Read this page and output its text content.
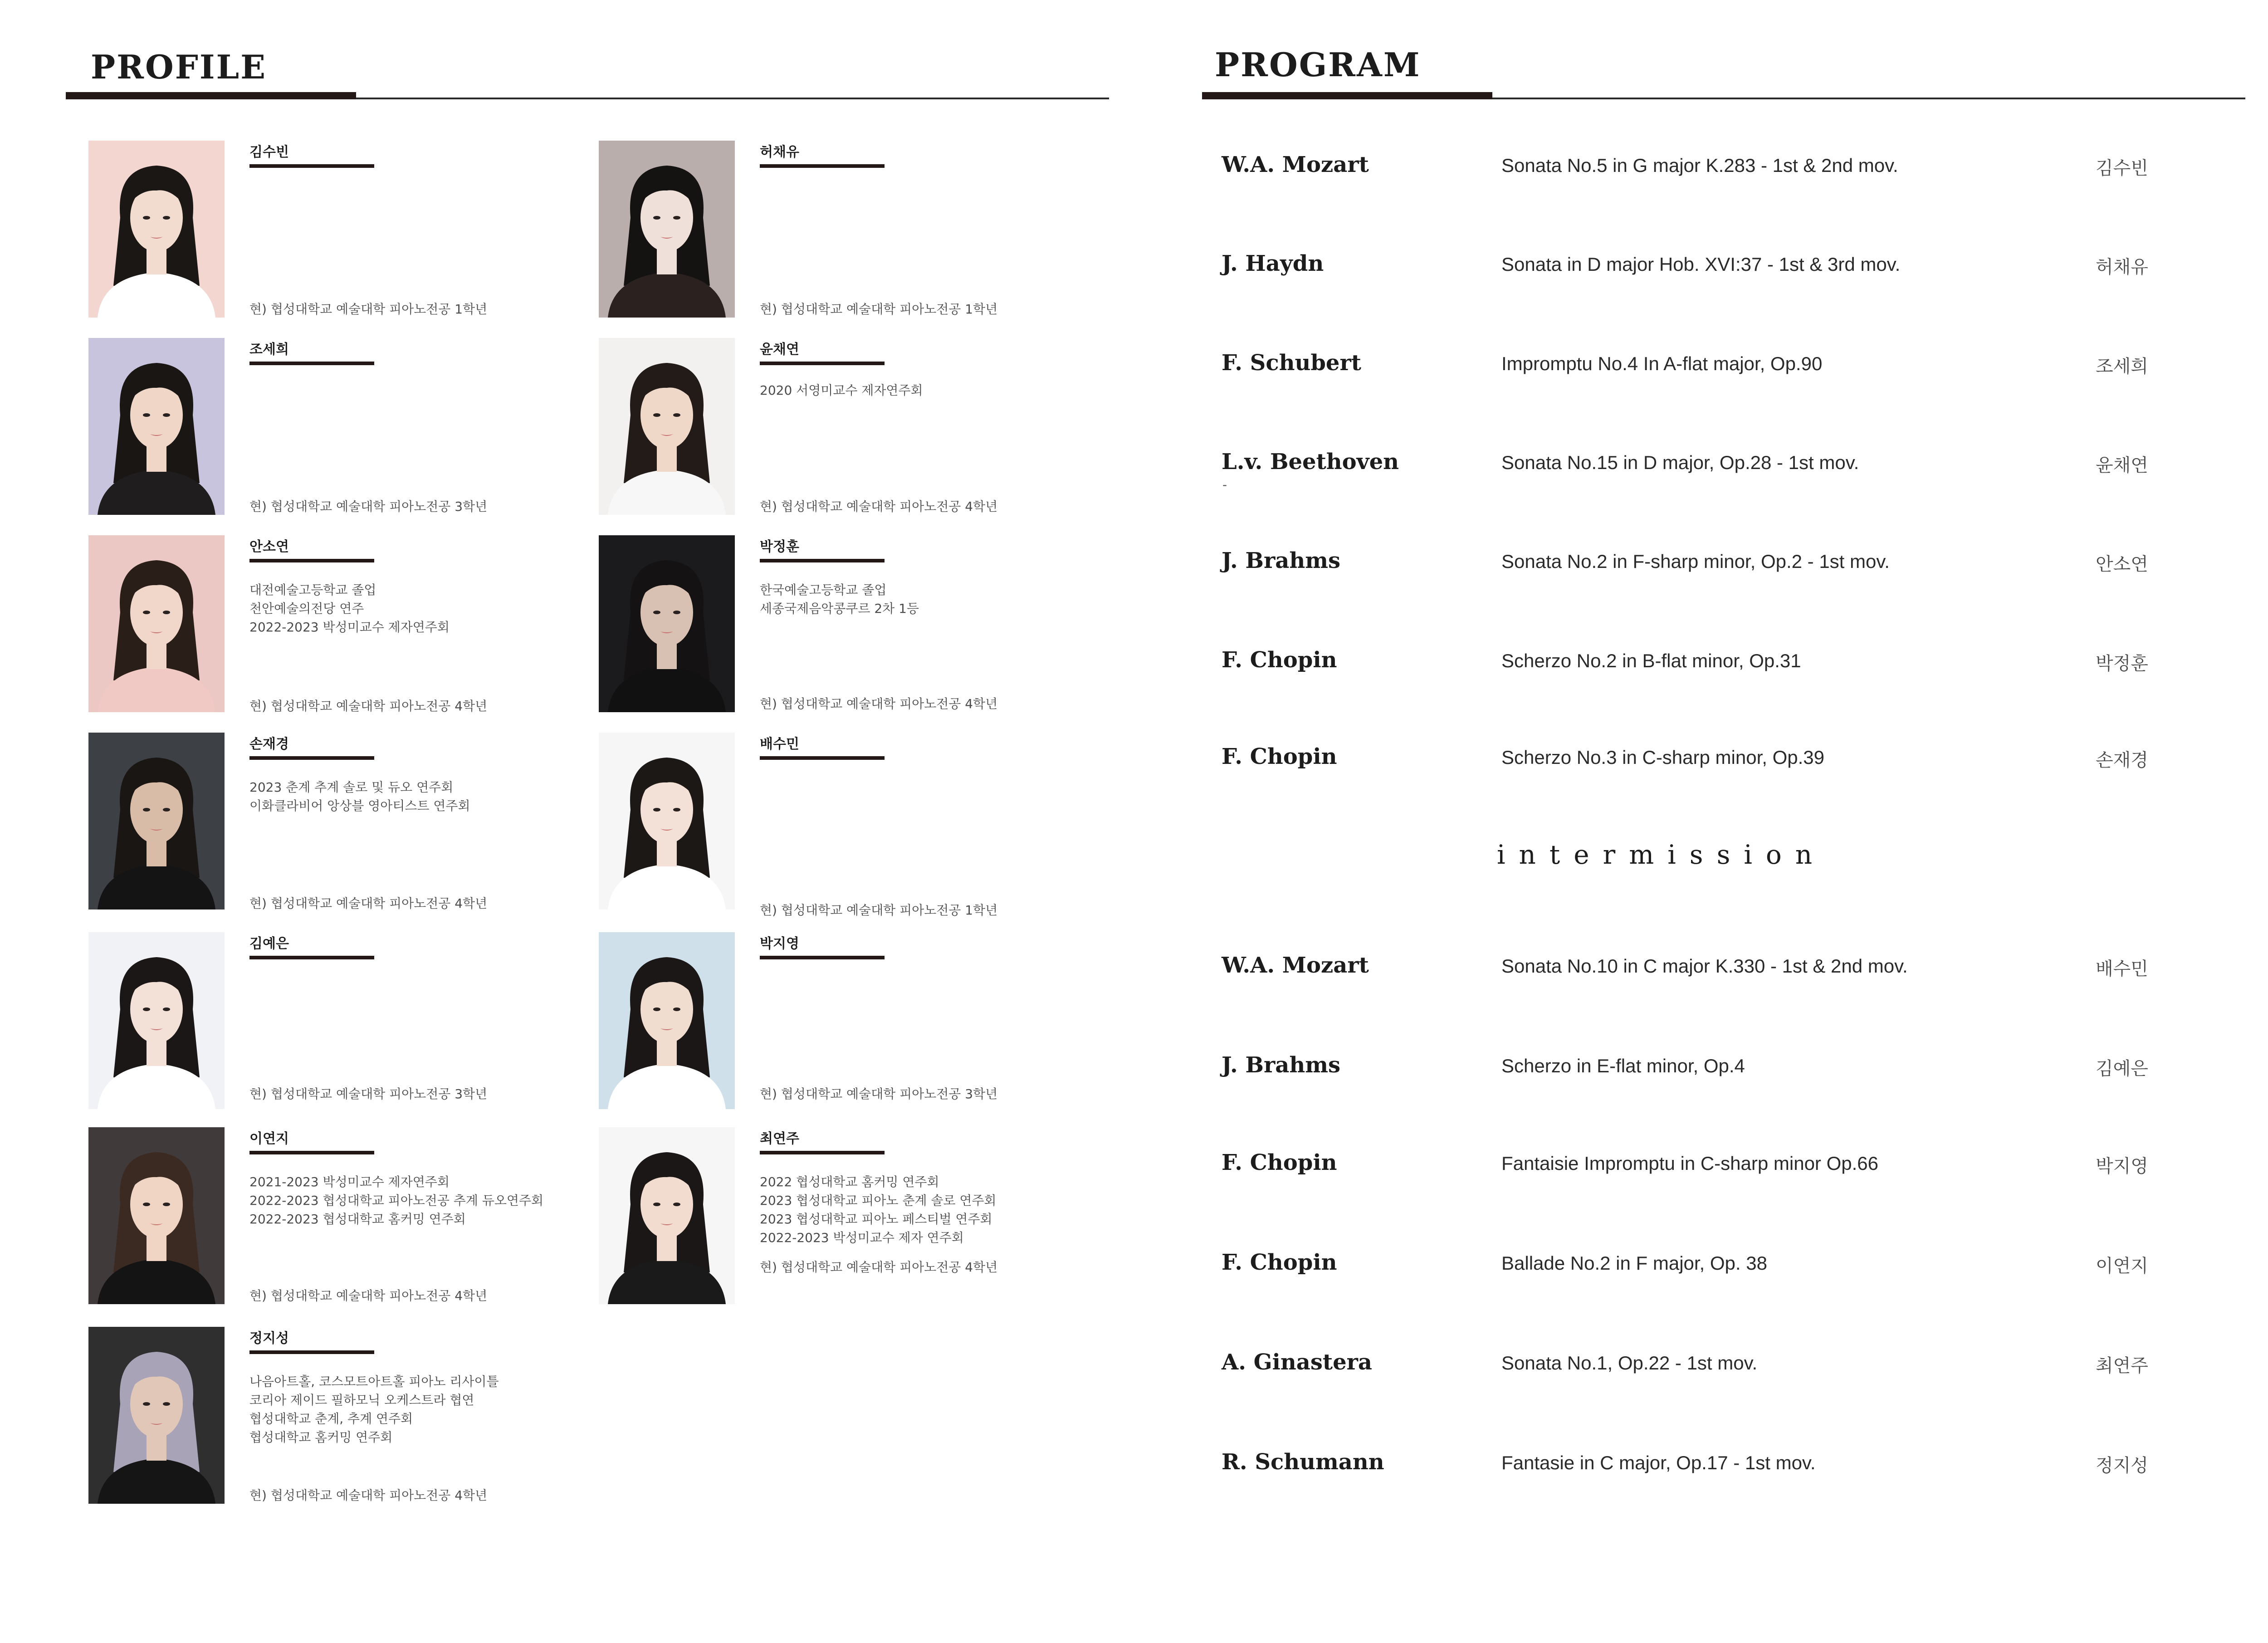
PROFILE
김수빈
현) 협성대학교 예술대학 피아노전공 1학년
허채유
현) 협성대학교 예술대학 피아노전공 1학년
조세희
현) 협성대학교 예술대학 피아노전공 3학년
윤채연
2020 서영미교수 제자연주회
현) 협성대학교 예술대학 피아노전공 4학년
안소연
대전예술고등학교 졸업
천안예술의전당 연주
2022-2023 박성미교수 제자연주회
현) 협성대학교 예술대학 피아노전공 4학년
박정훈
한국예술고등학교 졸업
세종국제음악콩쿠르 2차 1등
현) 협성대학교 예술대학 피아노전공 4학년
손재경
2023 춘계 추계 솔로 및 듀오 연주회
이화클라비어 앙상블 영아티스트 연주회
현) 협성대학교 예술대학 피아노전공 4학년
배수민
현) 협성대학교 예술대학 피아노전공 1학년
김예은
현) 협성대학교 예술대학 피아노전공 3학년
박지영
현) 협성대학교 예술대학 피아노전공 3학년
이연지
2021-2023 박성미교수 제자연주회
2022-2023 협성대학교 피아노전공 추계 듀오연주회
2022-2023 협성대학교 홈커밍 연주회
현) 협성대학교 예술대학 피아노전공 4학년
최연주
2022 협성대학교 홈커밍 연주회
2023 협성대학교 피아노 춘계 솔로 연주회
2023 협성대학교 피아노 페스티벌 연주회
2022-2023 박성미교수 제자 연주회
현) 협성대학교 예술대학 피아노전공 4학년
정지성
나음아트홀, 코스모트아트홀 피아노 리사이틀
코리아 제이드 필하모닉 오케스트라 협연
협성대학교 춘계, 추계 연주회
협성대학교 홈커밍 연주회
현) 협성대학교 예술대학 피아노전공 4학년
PROGRAM
W.A. Mozart	Sonata No.5 in G major K.283 - 1st & 2nd mov.	김수빈
J. Haydn	Sonata in D major Hob. XVI:37 - 1st & 3rd mov.	허채유
F. Schubert	Impromptu No.4 In A-flat major, Op.90	조세희
L.v. Beethoven	Sonata No.15 in D major, Op.28 - 1st mov.	윤채연
-
J. Brahms	Sonata No.2 in F-sharp minor, Op.2 - 1st mov.	안소연
F. Chopin	Scherzo No.2 in B-flat minor, Op.31	박정훈
F. Chopin	Scherzo No.3 in C-sharp minor, Op.39	손재경
W.A. Mozart	Sonata No.10 in C major K.330 - 1st & 2nd mov.	배수민
J. Brahms	Scherzo in E-flat minor, Op.4	김예은
F. Chopin	Fantaisie Impromptu in C-sharp minor Op.66	박지영
F. Chopin	Ballade No.2 in F major, Op. 38	이연지
A. Ginastera	Sonata No.1, Op.22 - 1st mov.	최연주
R. Schumann	Fantasie in C major, Op.17 - 1st mov.	정지성
intermission
